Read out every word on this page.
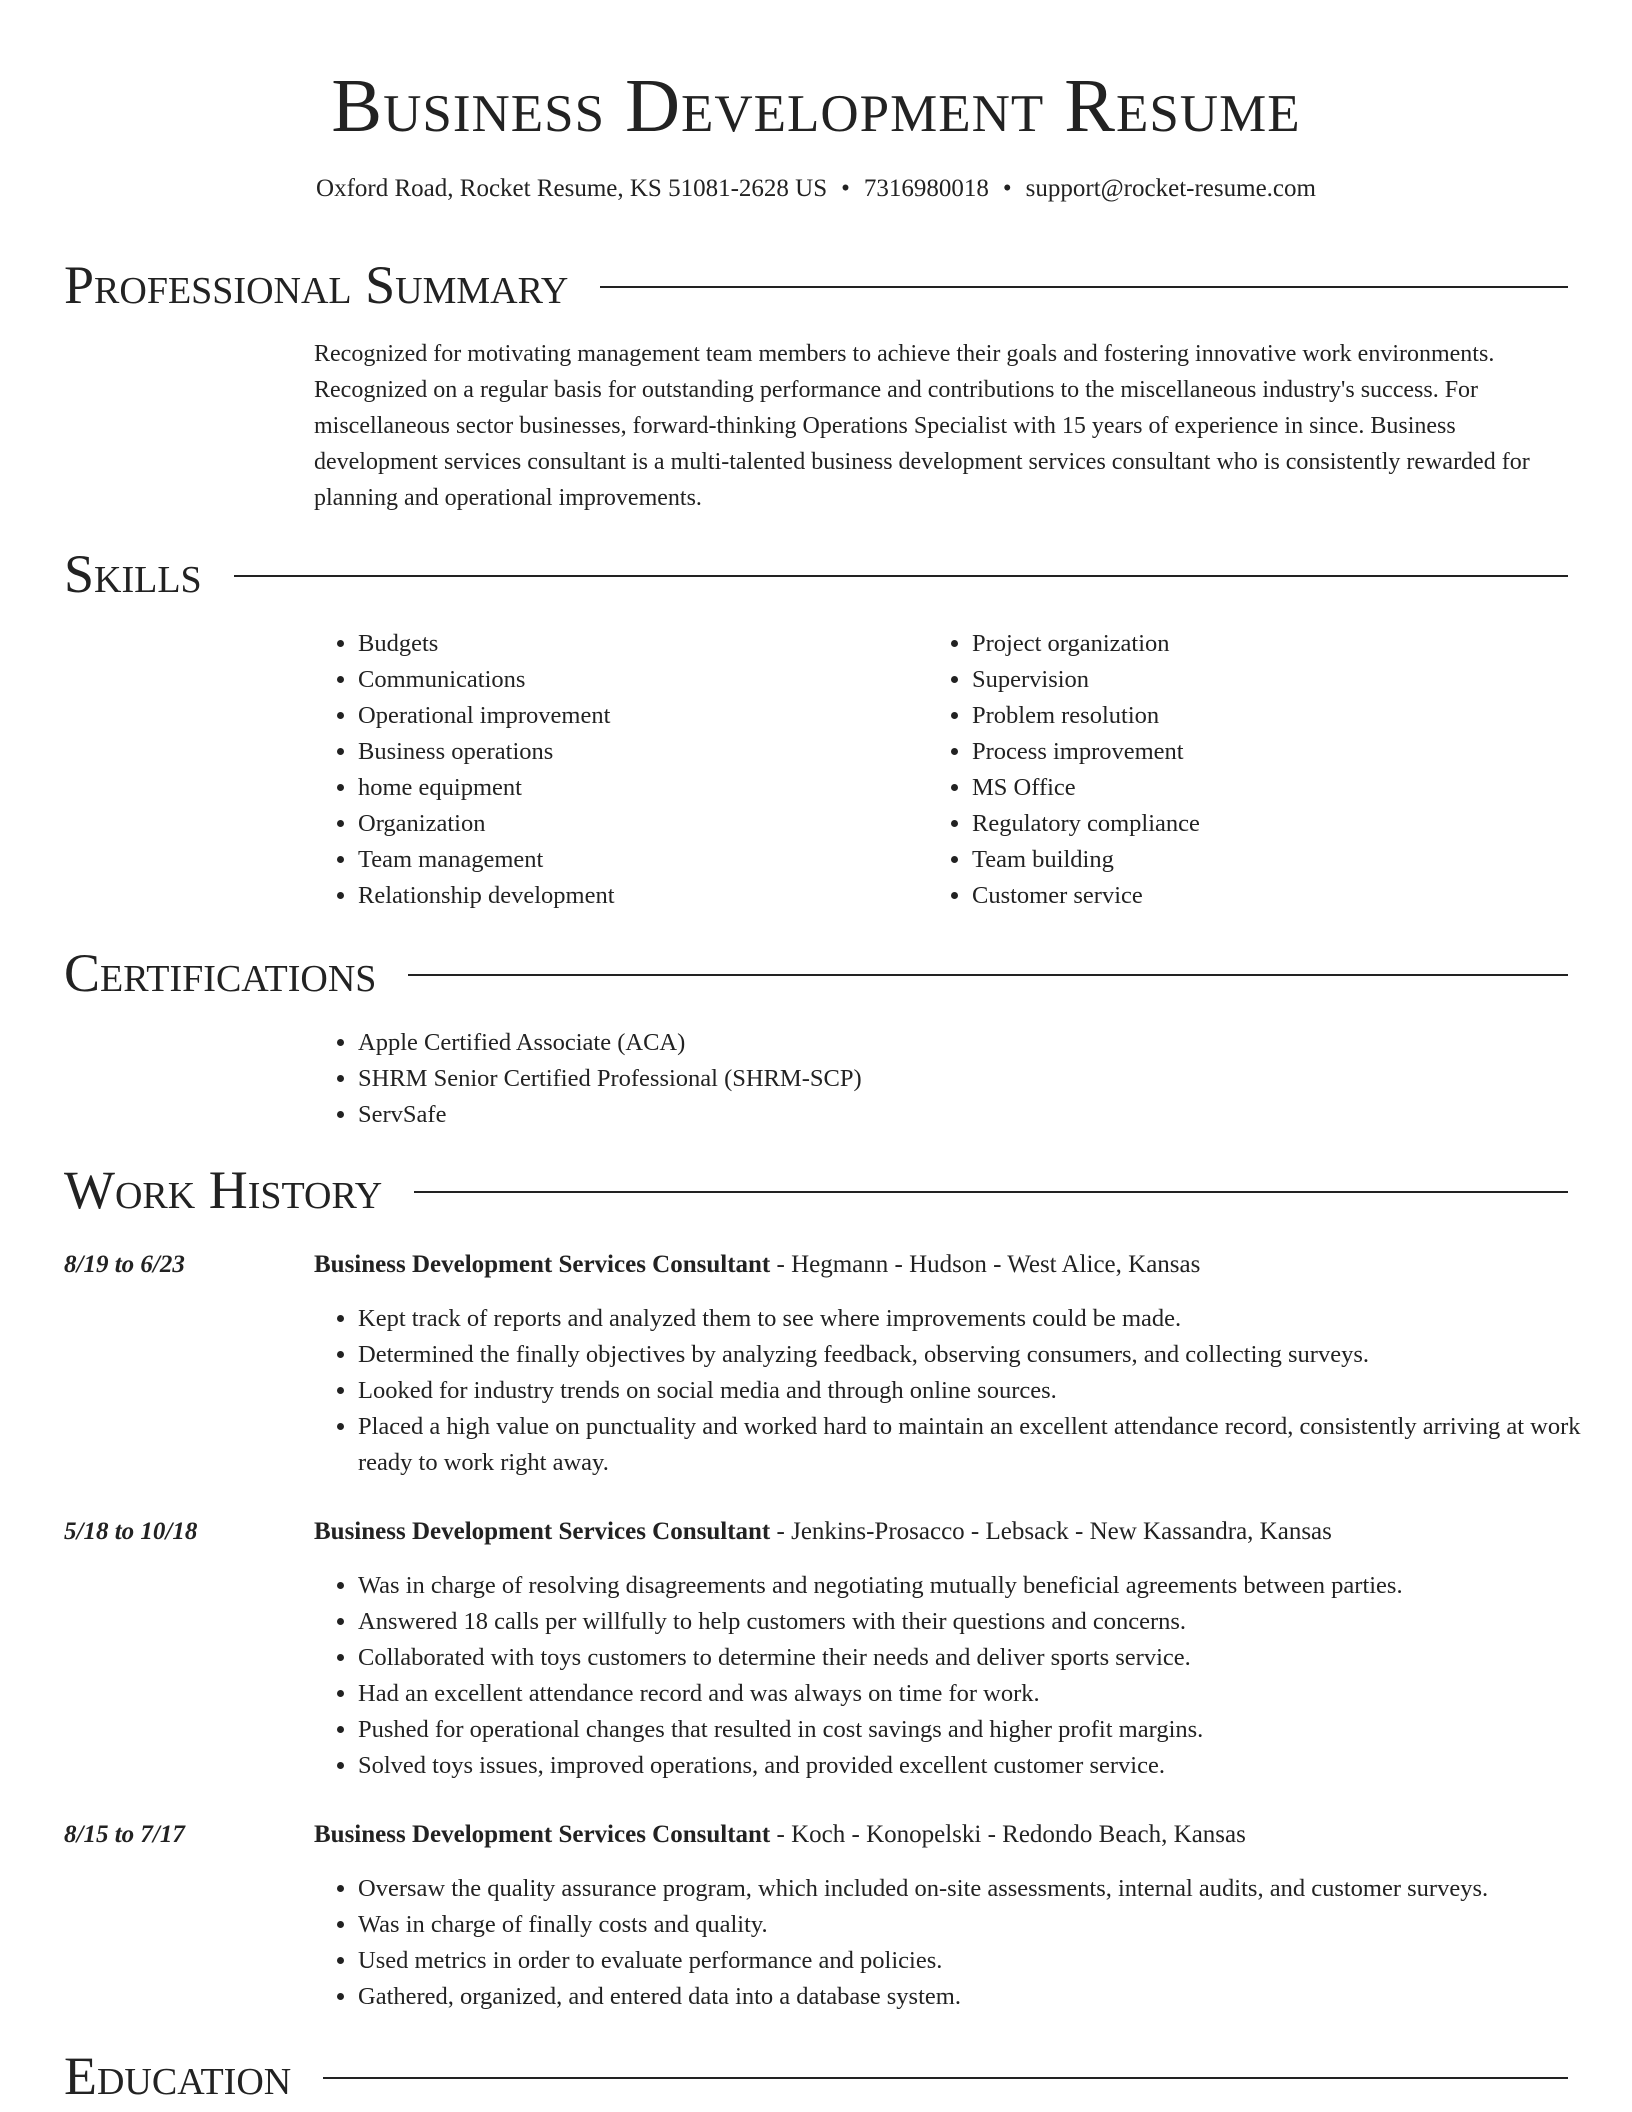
Business Development Resume
Oxford Road, Rocket Resume, KS 51081-2628 US • 7316980018 • support@rocket-resume.com
Professional Summary

Recognized for motivating management team members to achieve their goals and fostering innovative work environments. Recognized on a regular basis for outstanding performance and contributions to the miscellaneous industry's success. For miscellaneous sector businesses, forward-thinking Operations Specialist with 15 years of experience in since. Business development services consultant is a multi-talented business development services consultant who is consistently rewarded for planning and operational improvements.

Skills
• Budgets
• Communications
• Operational improvement
• Business operations
• home equipment
• Organization
• Team management
• Relationship development
• Project organization
• Supervision
• Problem resolution
• Process improvement
• MS Office
• Regulatory compliance
• Team building
• Customer service
Certifications
• Apple Certified Associate (ACA)
• SHRM Senior Certified Professional (SHRM-SCP)
• ServSafe
Work History
8/19 to 6/23	Business Development Services Consultant - Hegmann - Hudson - West Alice, Kansas
• Kept track of reports and analyzed them to see where improvements could be made.
• Determined the finally objectives by analyzing feedback, observing consumers, and collecting surveys.
• Looked for industry trends on social media and through online sources.
• Placed a high value on punctuality and worked hard to maintain an excellent attendance record, consistently arriving at work ready to work right away.
5/18 to 10/18	Business Development Services Consultant - Jenkins-Prosacco - Lebsack - New Kassandra, Kansas
• Was in charge of resolving disagreements and negotiating mutually beneficial agreements between parties.
• Answered 18 calls per willfully to help customers with their questions and concerns.
• Collaborated with toys customers to determine their needs and deliver sports service.
• Had an excellent attendance record and was always on time for work.
• Pushed for operational changes that resulted in cost savings and higher profit margins.
• Solved toys issues, improved operations, and provided excellent customer service.
8/15 to 7/17	Business Development Services Consultant - Koch - Konopelski - Redondo Beach, Kansas
• Oversaw the quality assurance program, which included on-site assessments, internal audits, and customer surveys.
• Was in charge of finally costs and quality.
• Used metrics in order to evaluate performance and policies.
• Gathered, organized, and entered data into a database system.
Education
